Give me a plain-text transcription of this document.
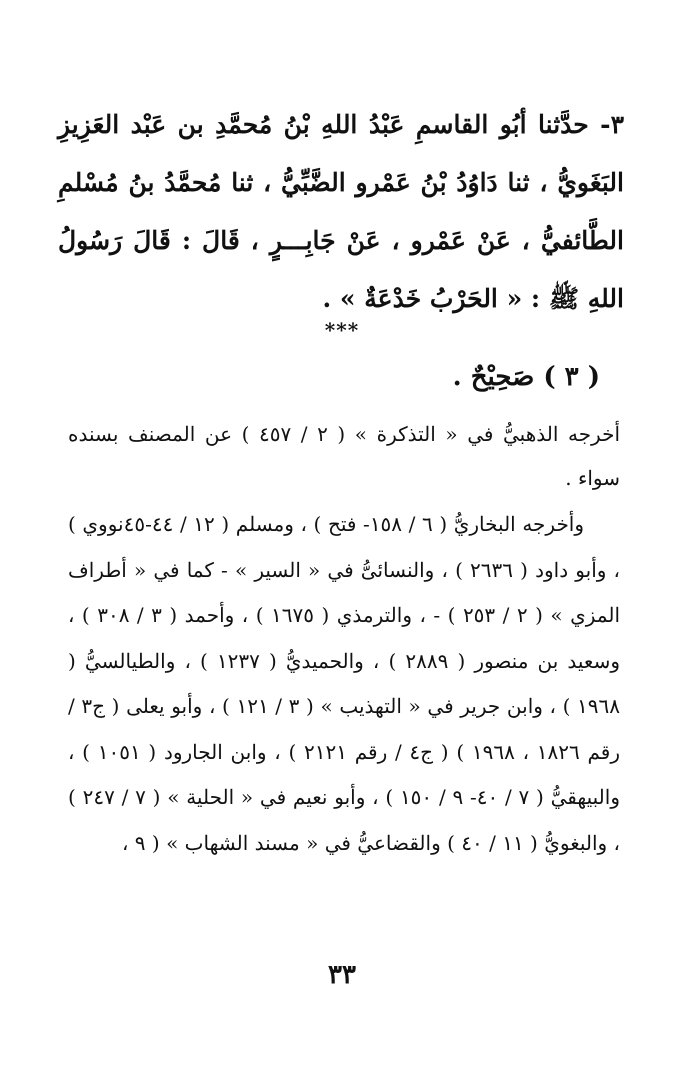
٣- حدَّثنا أبُو القاسمِ عَبْدُ اللهِ بْنُ مُحمَّدِ بن عَبْد العَزِيزِ البَغَويُّ ، ثنا دَاوُدُ بْنُ عَمْرو الضَّبِّيُّ ، ثنا مُحمَّدُ بنُ مُسْلمِ الطَّائفيُّ ، عَنْ عَمْرو ، عَنْ جَابِـــرٍ ، قَالَ : قَالَ رَسُولُ اللهِ ﷺ : « الحَرْبُ خَدْعَةٌ » .
***
( ٣ ) صَحِيْحٌ .
أخرجه الذهبيُّ في « التذكرة » ( ٢ / ٤٥٧ ) عن المصنف بسنده سواء .
وأخرجه البخاريُّ ( ٦ / ١٥٨- فتح ) ، ومسلم ( ١٢ / ٤٤-٤٥نووي ) ، وأبو داود ( ٢٦٣٦ ) ، والنسائىُّ في « السير » - كما في « أطراف المزي » ( ٢ / ٢٥٣ ) - ، والترمذي ( ١٦٧٥ ) ، وأحمد ( ٣ / ٣٠٨ ) ، وسعيد بن منصور ( ٢٨٨٩ ) ، والحميديُّ ( ١٢٣٧ ) ، والطيالسيُّ ( ١٩٦٨ ) ، وابن جرير في « التهذيب » ( ٣ / ١٢١ ) ، وأبو يعلى ( ج٣ / رقم ١٨٢٦ ، ١٩٦٨ ) ( ج٤ / رقم ٢١٢١ ) ، وابن الجارود ( ١٠٥١ ) ، والبيهقيُّ ( ٧ / ٤٠- ٩ / ١٥٠ ) ، وأبو نعيم في « الحلية » ( ٧ / ٢٤٧ ) ، والبغويُّ ( ١١ / ٤٠ ) والقضاعيُّ في « مسند الشهاب » ( ٩ ،
٣٣
